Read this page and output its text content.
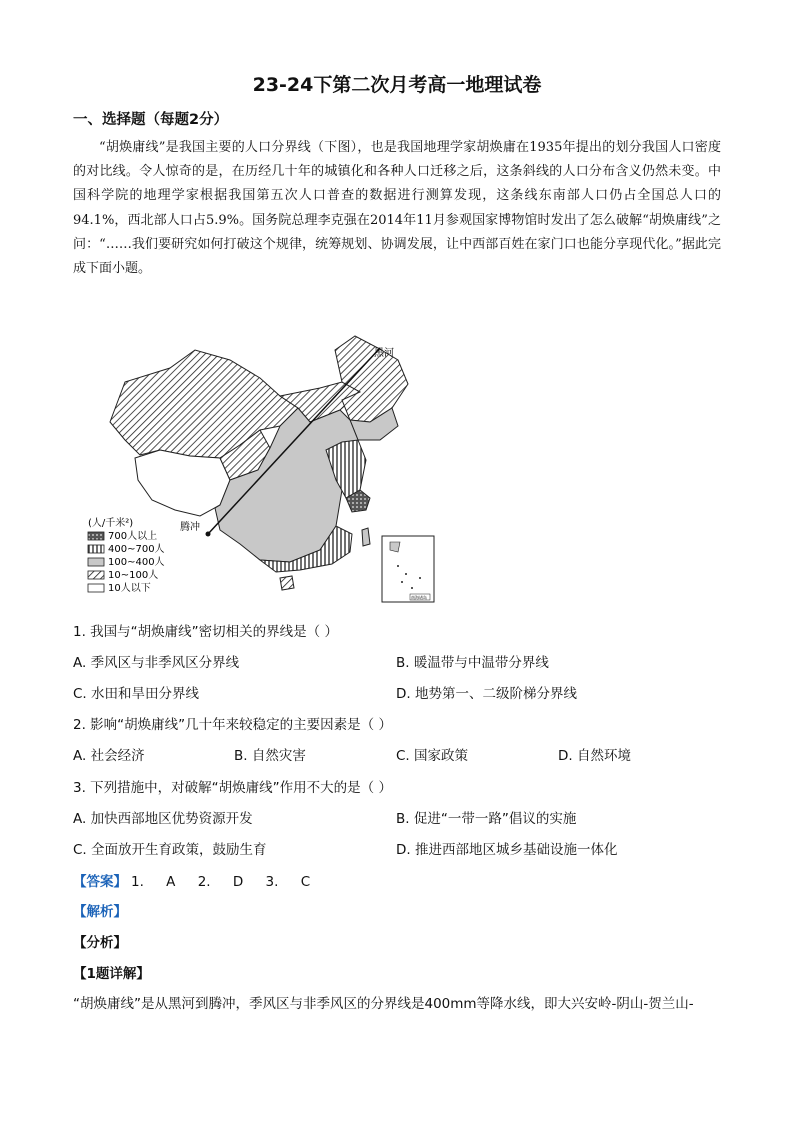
23-24下第二次月考高一地理试卷
一、选择题（每题2分）
“胡焕庸线”是我国主要的人口分界线（下图），也是我国地理学家胡焕庸在1935年提出的划分我国人口密度的对比线。令人惊奇的是，在历经几十年的城镇化和各种人口迁移之后，这条斜线的人口分布含义仍然未变。中国科学院的地理学家根据我国第五次人口普查的数据进行测算发现，这条线东南部人口仍占全国总人口的94.1%，西北部人口占5.9%。国务院总理李克强在2014年11月参观国家博物馆时发出了怎么破解“胡焕庸线”之问：“……我们要研究如何打破这个规律，统筹规划、协调发展，让中西部百姓在家门口也能分享现代化。”据此完成下面小题。
黑河
腾冲
(人/千米²)
700人以上
400~700人
100~400人
10~100人
10人以下
南海诸岛
1. 我国与“胡焕庸线”密切相关的界线是（ ）
A. 季风区与非季风区分界线	B. 暖温带与中温带分界线
C. 水田和旱田分界线	D. 地势第一、二级阶梯分界线
2. 影响“胡焕庸线”几十年来较稳定的主要因素是（ ）
A. 社会经济	B. 自然灾害	C. 国家政策	D. 自然环境
3. 下列措施中，对破解“胡焕庸线”作用不大的是（ ）
A. 加快西部地区优势资源开发	B. 促进“一带一路”倡议的实施
C. 全面放开生育政策，鼓励生育	D. 推进西部地区城乡基础设施一体化
【答案】 1. A 2. D 3. C
【解析】
【分析】
【1题详解】
“胡焕庸线”是从黑河到腾冲，季风区与非季风区的分界线是400mm等降水线，即大兴安岭-阴山-贺兰山-
